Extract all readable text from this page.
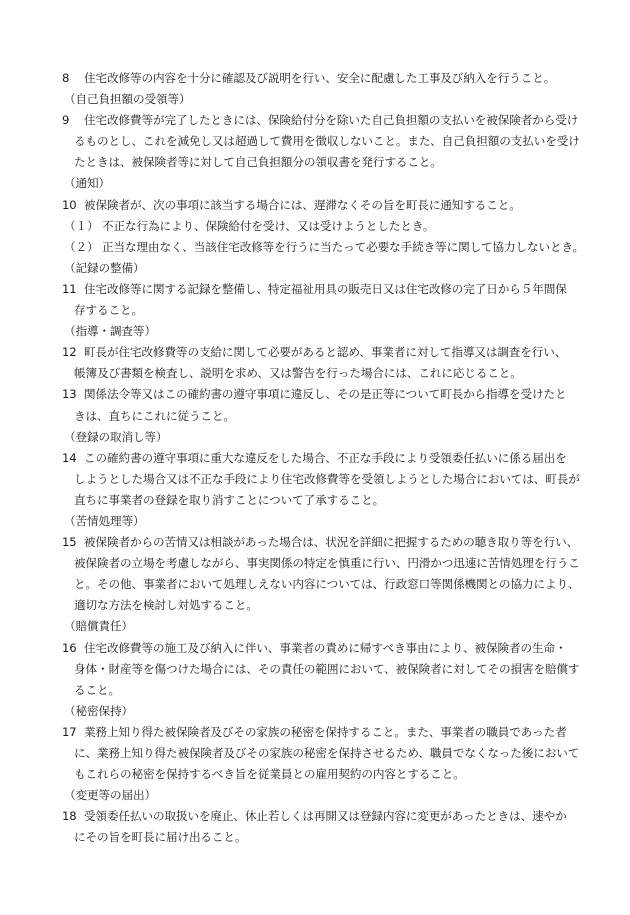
8 住宅改修等の内容を十分に確認及び説明を行い、安全に配慮した工事及び納入を行うこと。
（自己負担額の受領等）
9 住宅改修費等が完了したときには、保険給付分を除いた自己負担額の支払いを被保険者から受け
るものとし、これを減免し又は超過して費用を徴収しないこと。また、自己負担額の支払いを受け
たときは、被保険者等に対して自己負担額分の領収書を発行すること。
（通知）
10 被保険者が、次の事項に該当する場合には、遅滞なくその旨を町長に通知すること。
（１） 不正な行為により、保険給付を受け、又は受けようとしたとき。
（２） 正当な理由なく、当該住宅改修等を行うに当たって必要な手続き等に関して協力しないとき。
（記録の整備）
11 住宅改修等に関する記録を整備し、特定福祉用具の販売日又は住宅改修の完了日から５年間保
存すること。
（指導・調査等）
12 町長が住宅改修費等の支給に関して必要があると認め、事業者に対して指導又は調査を行い、
帳簿及び書類を検査し、説明を求め、又は警告を行った場合には、これに応じること。
13 関係法令等又はこの確約書の遵守事項に違反し、その是正等について町長から指導を受けたと
きは、直ちにこれに従うこと。
（登録の取消し等）
14 この確約書の遵守事項に重大な違反をした場合、不正な手段により受領委任払いに係る届出を
しようとした場合又は不正な手段により住宅改修費等を受領しようとした場合においては、町長が
直ちに事業者の登録を取り消すことについて了承すること。
（苦情処理等）
15 被保険者からの苦情又は相談があった場合は、状況を詳細に把握するための聴き取り等を行い、
被保険者の立場を考慮しながら、事実関係の特定を慎重に行い、円滑かつ迅速に苦情処理を行うこ
と。その他、事業者において処理しえない内容については、行政窓口等関係機関との協力により、
適切な方法を検討し対処すること。
（賠償責任）
16 住宅改修費等の施工及び納入に伴い、事業者の責めに帰すべき事由により、被保険者の生命・
身体・財産等を傷つけた場合には、その責任の範囲において、被保険者に対してその損害を賠償す
ること。
（秘密保持）
17 業務上知り得た被保険者及びその家族の秘密を保持すること。また、事業者の職員であった者
に、業務上知り得た被保険者及びその家族の秘密を保持させるため、職員でなくなった後において
もこれらの秘密を保持するべき旨を従業員との雇用契約の内容とすること。
（変更等の届出）
18 受領委任払いの取扱いを廃止、休止若しくは再開又は登録内容に変更があったときは、速やか
にその旨を町長に届け出ること。
